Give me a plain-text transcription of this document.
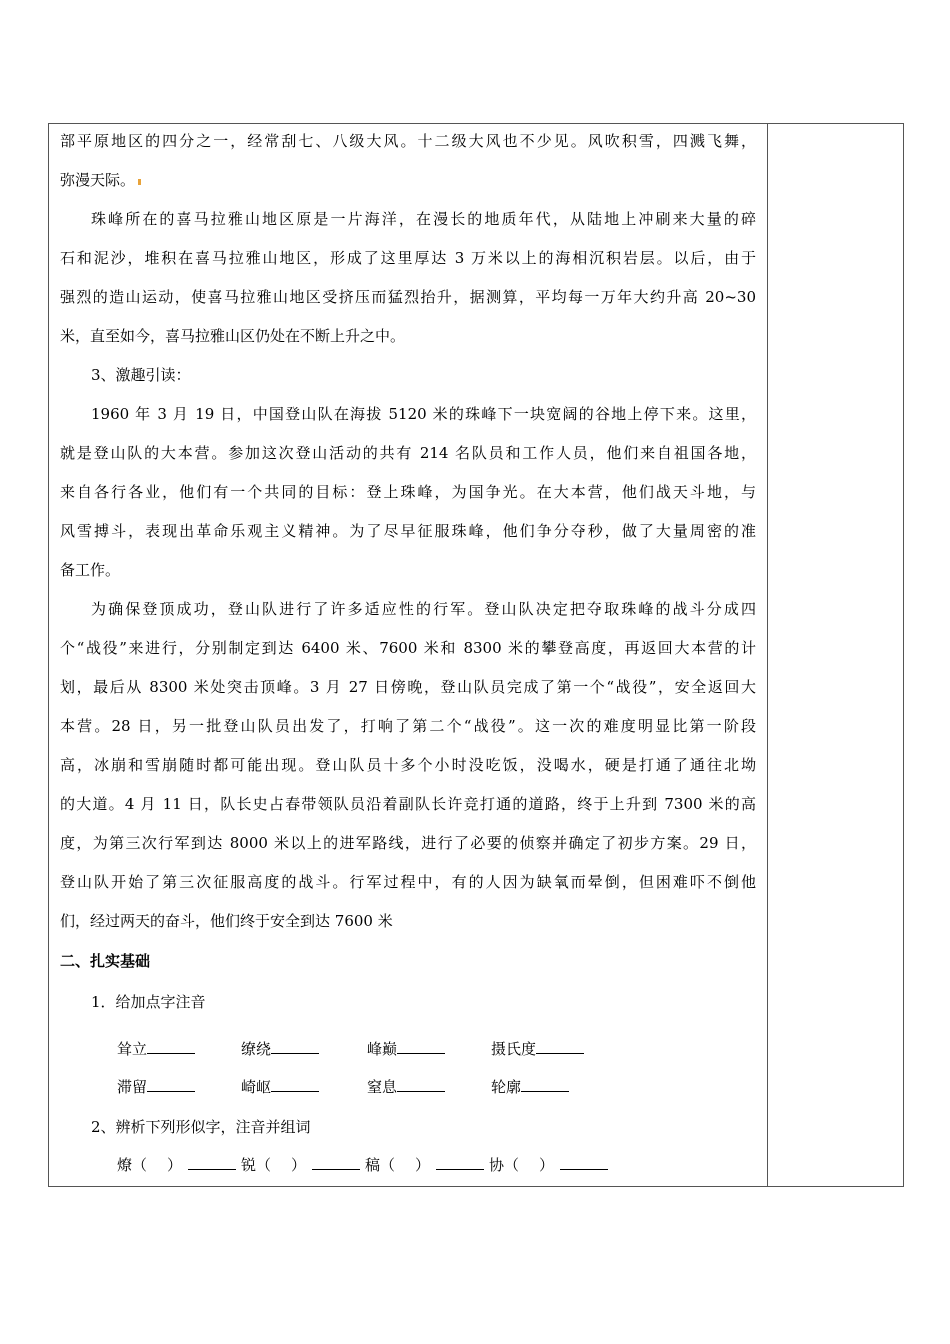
部平原地区的四分之一，经常刮七、八级大风。十二级大风也不少见。风吹积雪，四溅飞舞，
弥漫天际。
珠峰所在的喜马拉雅山地区原是一片海洋，在漫长的地质年代，从陆地上冲刷来大量的碎
石和泥沙，堆积在喜马拉雅山地区，形成了这里厚达 3 万米以上的海相沉积岩层。以后，由于
强烈的造山运动，使喜马拉雅山地区受挤压而猛烈抬升，据测算，平均每一万年大约升高 20~30
米，直至如今，喜马拉雅山区仍处在不断上升之中。
3、激趣引读：
1960 年 3 月 19 日，中国登山队在海拔 5120 米的珠峰下一块宽阔的谷地上停下来。这里，
就是登山队的大本营。参加这次登山活动的共有 214 名队员和工作人员，他们来自祖国各地，
来自各行各业，他们有一个共同的目标：登上珠峰，为国争光。在大本营，他们战天斗地，与
风雪搏斗，表现出革命乐观主义精神。为了尽早征服珠峰，他们争分夺秒，做了大量周密的准
备工作。
为确保登顶成功，登山队进行了许多适应性的行军。登山队决定把夺取珠峰的战斗分成四
个“战役”来进行，分别制定到达 6400 米、7600 米和 8300 米的攀登高度，再返回大本营的计
划，最后从 8300 米处突击顶峰。3 月 27 日傍晚，登山队员完成了第一个“战役”，安全返回大
本营。28 日，另一批登山队员出发了，打响了第二个“战役”。这一次的难度明显比第一阶段
高，冰崩和雪崩随时都可能出现。登山队员十多个小时没吃饭，没喝水，硬是打通了通往北坳
的大道。4 月 11 日，队长史占春带领队员沿着副队长许竞打通的道路，终于上升到 7300 米的高
度，为第三次行军到达 8000 米以上的进军路线，进行了必要的侦察并确定了初步方案。29 日，
登山队开始了第三次征服高度的战斗。行军过程中，有的人因为缺氧而晕倒，但困难吓不倒他
们，经过两天的奋斗，他们终于安全到达 7600 米
二、扎实基础
1．给加点字注音
耸立	缭绕	峰巅	摄氏度
滞留	崎岖	窒息	轮廓
2、辨析下列形似字，注音并组词
燎（ ）	锐（ ）	稿（ ）	协（ ）
